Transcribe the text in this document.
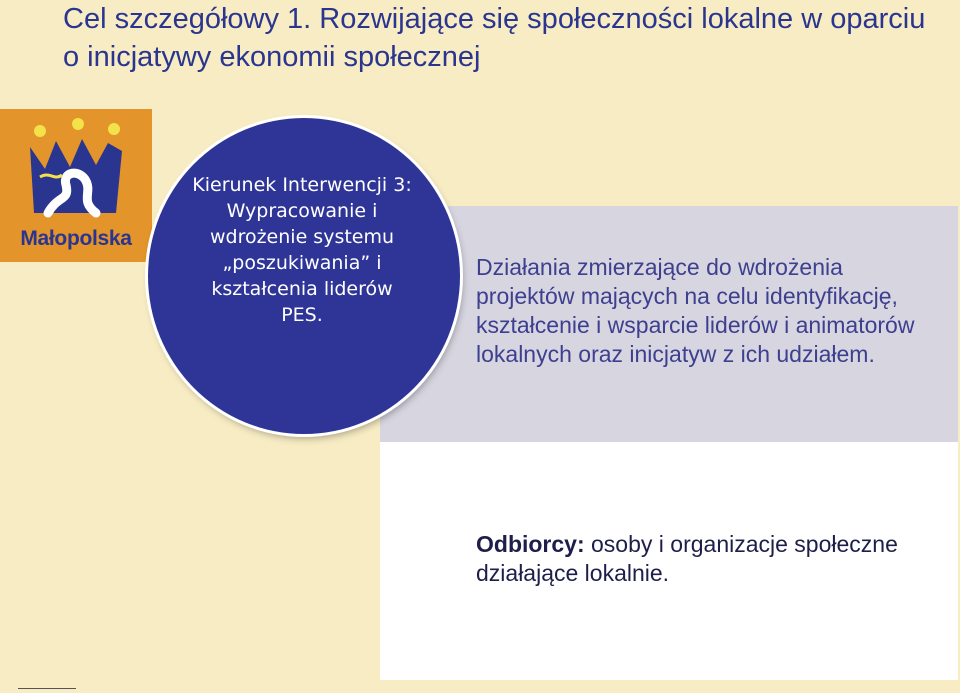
Cel szczegółowy 1. Rozwijające się społeczności lokalne w oparciu o inicjatywy ekonomii społecznej
Małopolska
Działania zmierzające do wdrożenia projektów mających na celu identyfikację, kształcenie i wsparcie liderów i animatorów lokalnych oraz inicjatyw z ich udziałem.
Odbiorcy: osoby i organizacje społeczne działające lokalnie.
Kierunek Interwencji 3: Wypracowanie i wdrożenie systemu „poszukiwania” i kształcenia liderów PES.
